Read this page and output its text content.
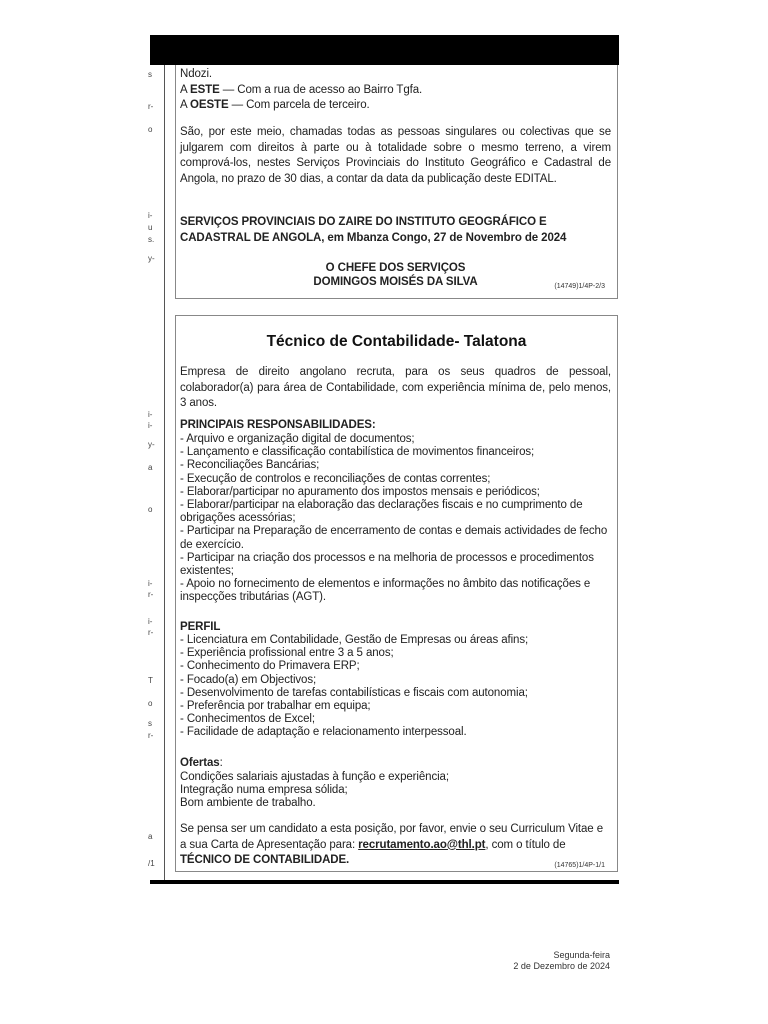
s
r-
o
i-
u
s.
y-
i-
i-
y-
a
o
i-
r-
i-
r-
T
o
s
r-
a
/1
Ndozi.
A ESTE — Com a rua de acesso ao Bairro Tgfa.
A OESTE — Com parcela de terceiro.
São, por este meio, chamadas todas as pessoas singulares ou colectivas que se julgarem com direitos à parte ou à totalidade sobre o mesmo terreno, a virem comprová-los, nestes Serviços Provinciais do Instituto Geográfico e Cadastral de Angola, no prazo de 30 dias, a contar da data da publicação deste EDITAL.
SERVIÇOS PROVINCIAIS DO ZAIRE DO INSTITUTO GEOGRÁFICO E CADASTRAL DE ANGOLA, em Mbanza Congo, 27 de Novembro de 2024
O CHEFE DOS SERVIÇOS
DOMINGOS MOISÉS DA SILVA	(14749)1/4P-2/3
Técnico de Contabilidade- Talatona
Empresa de direito angolano recruta, para os seus quadros de pessoal, colaborador(a) para área de Contabilidade, com experiência mínima de, pelo menos, 3 anos.
PRINCIPAIS RESPONSABILIDADES:
- Arquivo e organização digital de documentos;
- Lançamento e classificação contabilística de movimentos financeiros;
- Reconciliações Bancárias;
- Execução de controlos e reconciliações de contas correntes;
- Elaborar/participar no apuramento dos impostos mensais e periódicos;
- Elaborar/participar na elaboração das declarações fiscais e no cumprimento de obrigações acessórias;
- Participar na Preparação de encerramento de contas e demais actividades de fecho de exercício.
- Participar na criação dos processos e na melhoria de processos e procedimentos existentes;
- Apoio no fornecimento de elementos e informações no âmbito das notificações e inspecções tributárias (AGT).
PERFIL
- Licenciatura em Contabilidade, Gestão de Empresas ou áreas afins;
- Experiência profissional entre 3 a 5 anos;
- Conhecimento do Primavera ERP;
- Focado(a) em Objectivos;
- Desenvolvimento de tarefas contabilísticas e fiscais com autonomia;
- Preferência por trabalhar em equipa;
- Conhecimentos de Excel;
- Facilidade de adaptação e relacionamento interpessoal.
Ofertas:
Condições salariais ajustadas à função e experiência;
Integração numa empresa sólida;
Bom ambiente de trabalho.
Se pensa ser um candidato a esta posição, por favor, envie o seu Curriculum Vitae e a sua Carta de Apresentação para: recrutamento.ao@thl.pt, com o título de
TÉCNICO DE CONTABILIDADE.	(14765)1/4P-1/1
Segunda-feira
2 de Dezembro de 2024
